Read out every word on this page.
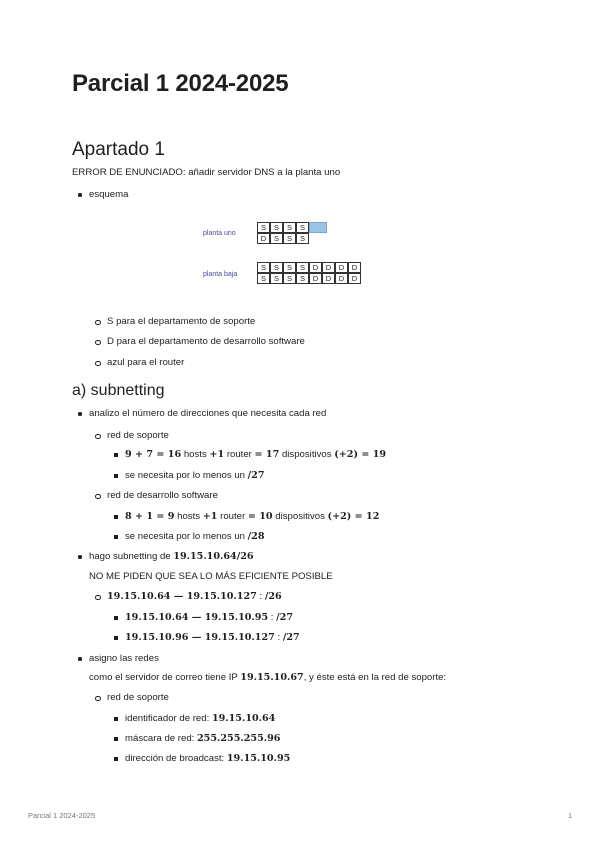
Parcial 1 2024-2025
Apartado 1
ERROR DE ENUNCIADO: añadir servidor DNS a la planta uno
esquema
planta uno
planta baja
S	S	S	S
D	S	S	S
S	S	S	S	D	D	D	D
S	S	S	S	D	D	D	D
S para el departamento de soporte
D para el departamento de desarrollo software
azul para el router
a) subnetting
analizo el número de direcciones que necesita cada red
red de soporte
9 + 7 = 16 hosts +1 router = 17 dispositivos (+2) = 19
se necesita por lo menos un /27
red de desarrollo software
8 + 1 = 9 hosts +1 router = 10 dispositivos (+2) = 12
se necesita por lo menos un /28
hago subnetting de 19.15.10.64/26
NO ME PIDEN QUE SEA LO MÁS EFICIENTE POSIBLE
19.15.10.64 — 19.15.10.127 : /26
19.15.10.64 — 19.15.10.95 : /27
19.15.10.96 — 19.15.10.127 : /27
asigno las redes
como el servidor de correo tiene IP 19.15.10.67, y éste está en la red de soporte:
red de soporte
identificador de red: 19.15.10.64
máscara de red: 255.255.255.96
dirección de broadcast: 19.15.10.95
Parcial 1 2024-2025	1
